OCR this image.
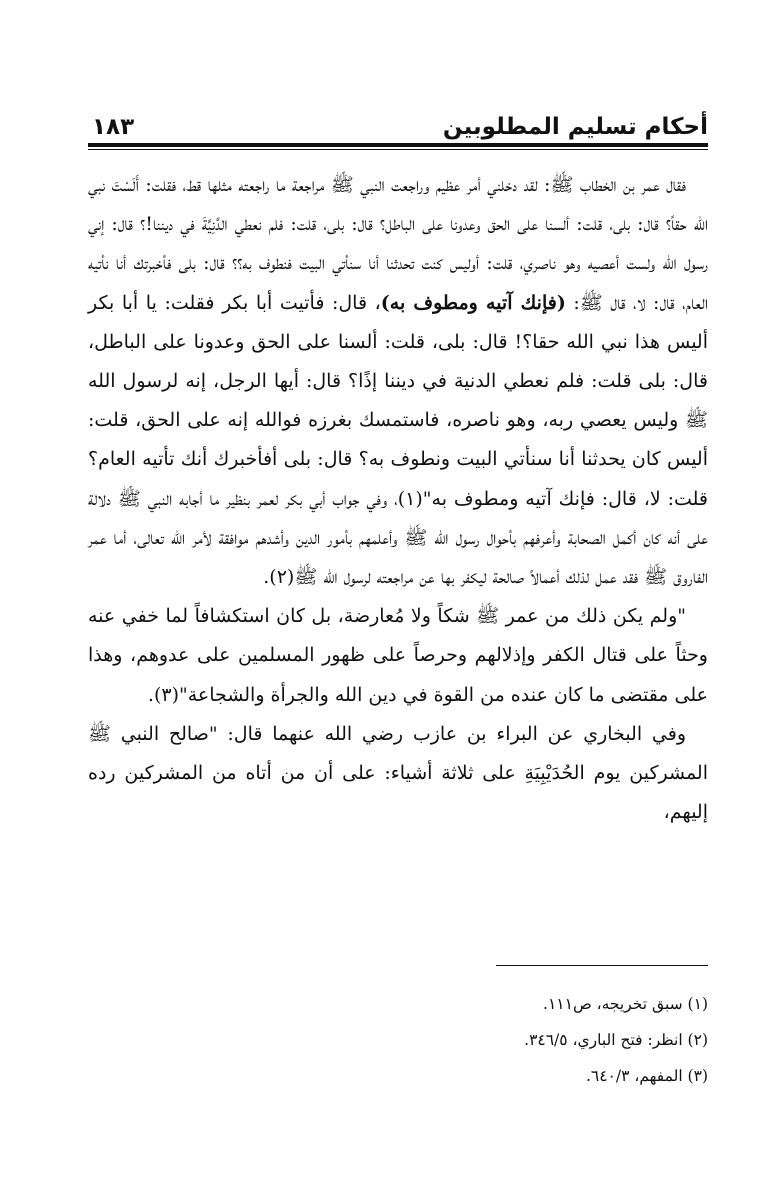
أحكام تسليم المطلوبين
١٨٣

فقال عمر بن الخطاب ﷺ: لقد دخلني أمر عظيم وراجعت النبي ﷺ مراجعة ما راجعته مثلها قط، فقلت: أَلَسْتَ نبي الله حقاً؟ قال: بلى، قلت: ألسنا على الحق وعدونا على الباطل؟ قال: بلى، قلت: فلم نعطي الدَّنِيَّةَ في ديننا!؟ قال: إني رسول الله ولست أعصيه وهو ناصري، قلت: أوليس كنت تحدثنا أنا سنأتي البيت فنطوف به؟؟ قال: بلى فأخبرتك أنا نأتيه العام، قال: لا، قال ﷺ: (فإنك آتيه ومطوف به)، قال: فأتيت أبا بكر فقلت: يا أبا بكر أليس هذا نبي الله حقا؟! قال: بلى، قلت: ألسنا على الحق وعدونا على الباطل، قال: بلى قلت: فلم نعطي الدنية في ديننا إذًا؟ قال: أيها الرجل، إنه لرسول الله ﷺ وليس يعصي ربه، وهو ناصره، فاستمسك بغرزه فوالله إنه على الحق، قلت: أليس كان يحدثنا أنا سنأتي البيت ونطوف به؟ قال: بلى أفأخبرك أنك تأتيه العام؟ قلت: لا، قال: فإنك آتيه ومطوف به"(١)، وفي جواب أبي بكر لعمر بنظير ما أجابه النبي ﷺ دلالة على أنه كان أكمل الصحابة وأعرفهم بأحوال رسول الله ﷺ وأعلمهم بأمور الدين وأشدهم موافقة لأمر الله تعالى، أما عمر الفاروق ﷺ فقد عمل لذلك أعمالاً صالحة ليكفر بها عن مراجعته لرسول الله ﷺ(٢).

"ولم يكن ذلك من عمر ﷺ شكاً ولا مُعارضة، بل كان استكشافاً لما خفي عنه وحثاً على قتال الكفر وإذلالهم وحرصاً على ظهور المسلمين على عدوهم، وهذا على مقتضى ما كان عنده من القوة في دين الله والجرأة والشجاعة"(٣).

وفي البخاري عن البراء بن عازب رضي الله عنهما قال: "صالح النبي ﷺ المشركين يوم الحُدَيْبِيَةِ على ثلاثة أشياء: على أن من أتاه من المشركين رده إليهم،

(١) سبق تخريجه، ص١١١.

(٢) انظر: فتح الباري، ٣٤٦/٥.

(٣) المفهم، ٦٤٠/٣.
